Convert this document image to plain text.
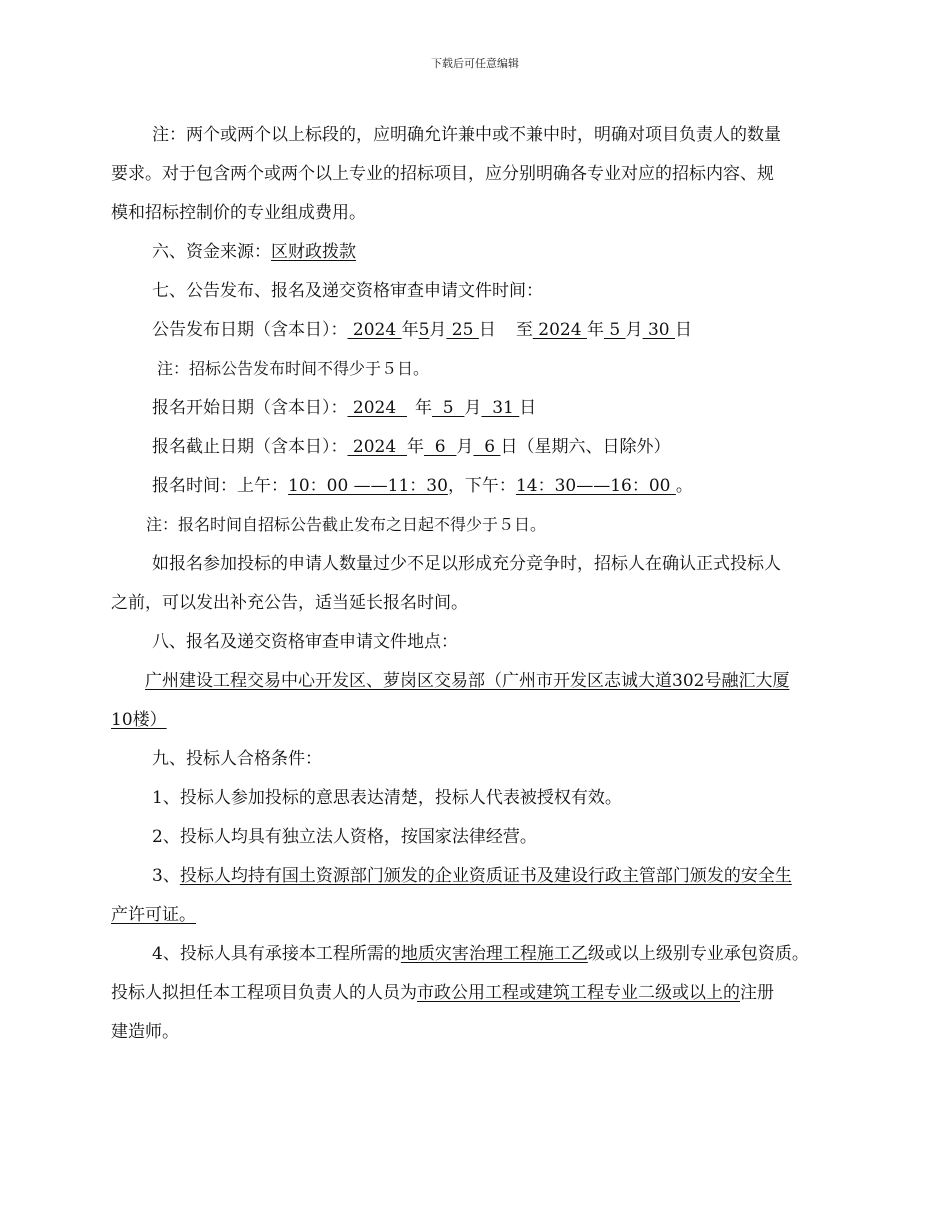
下载后可任意编辑
注：两个或两个以上标段的，应明确允许兼中或不兼中时，明确对项目负责人的数量
要求。对于包含两个或两个以上专业的招标项目，应分别明确各专业对应的招标内容、规
模和招标控制价的专业组成费用。
六、资金来源：区财政拨款
七、公告发布、报名及递交资格审查申请文件时间：
公告发布日期（含本日）： 2024 年5月 25 日 至 2024 年 5 月 30 日
注：招标公告发布时间不得少于５日。
报名开始日期（含本日）： 2024  年  5  月  31 日
报名截止日期（含本日）： 2024  年  6  月  6 日（星期六、日除外）
报名时间：上午：10：00 ——11：30，下午：14：30——16：00 。
注：报名时间自招标公告截止发布之日起不得少于５日。
如报名参加投标的申请人数量过少不足以形成充分竞争时，招标人在确认正式投标人
之前，可以发出补充公告，适当延长报名时间。
八、报名及递交资格审查申请文件地点：
广州建设工程交易中心开发区、萝岗区交易部（广州市开发区志诚大道302号融汇大厦
10楼）
九、投标人合格条件：
1、投标人参加投标的意思表达清楚，投标人代表被授权有效。
2、投标人均具有独立法人资格，按国家法律经营。
3、投标人均持有国土资源部门颁发的企业资质证书及建设行政主管部门颁发的安全生
产许可证。
4、投标人具有承接本工程所需的地质灾害治理工程施工乙级或以上级别专业承包资质。
投标人拟担任本工程项目负责人的人员为市政公用工程或建筑工程专业二级或以上的注册
建造师。
